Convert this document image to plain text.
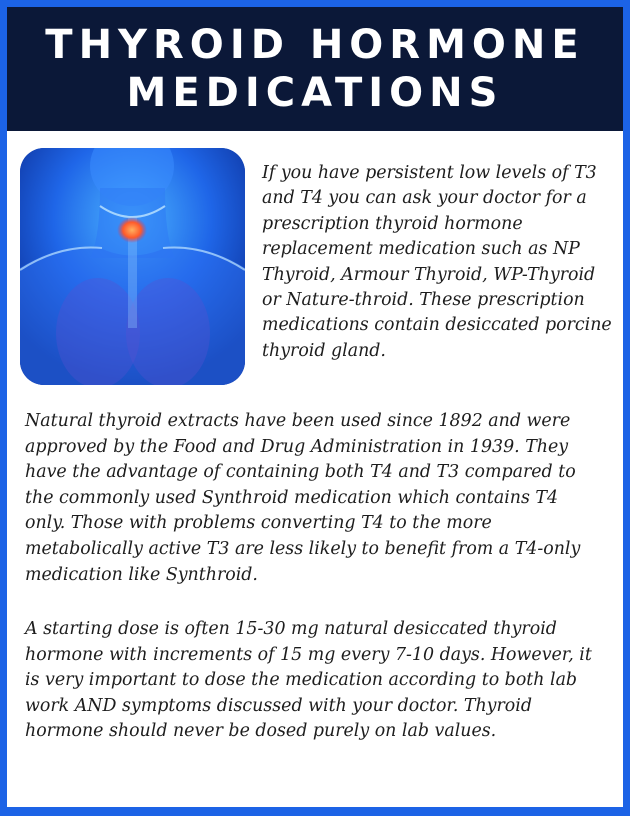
THYROID HORMONE
MEDICATIONS
If you have persistent low levels of T3
and T4 you can ask your doctor for a
prescription thyroid hormone
replacement medication such as NP
Thyroid, Armour Thyroid, WP-Thyroid
or Nature-throid. These prescription
medications contain desiccated porcine
thyroid gland.
Natural thyroid extracts have been used since 1892 and were
approved by the Food and Drug Administration in 1939. They
have the advantage of containing both T4 and T3 compared to
the commonly used Synthroid medication which contains T4
only. Those with problems converting T4 to the more
metabolically active T3 are less likely to benefit from a T4-only
medication like Synthroid.
A starting dose is often 15-30 mg natural desiccated thyroid
hormone with increments of 15 mg every 7-10 days. However, it
is very important to dose the medication according to both lab
work AND symptoms discussed with your doctor. Thyroid
hormone should never be dosed purely on lab values.
